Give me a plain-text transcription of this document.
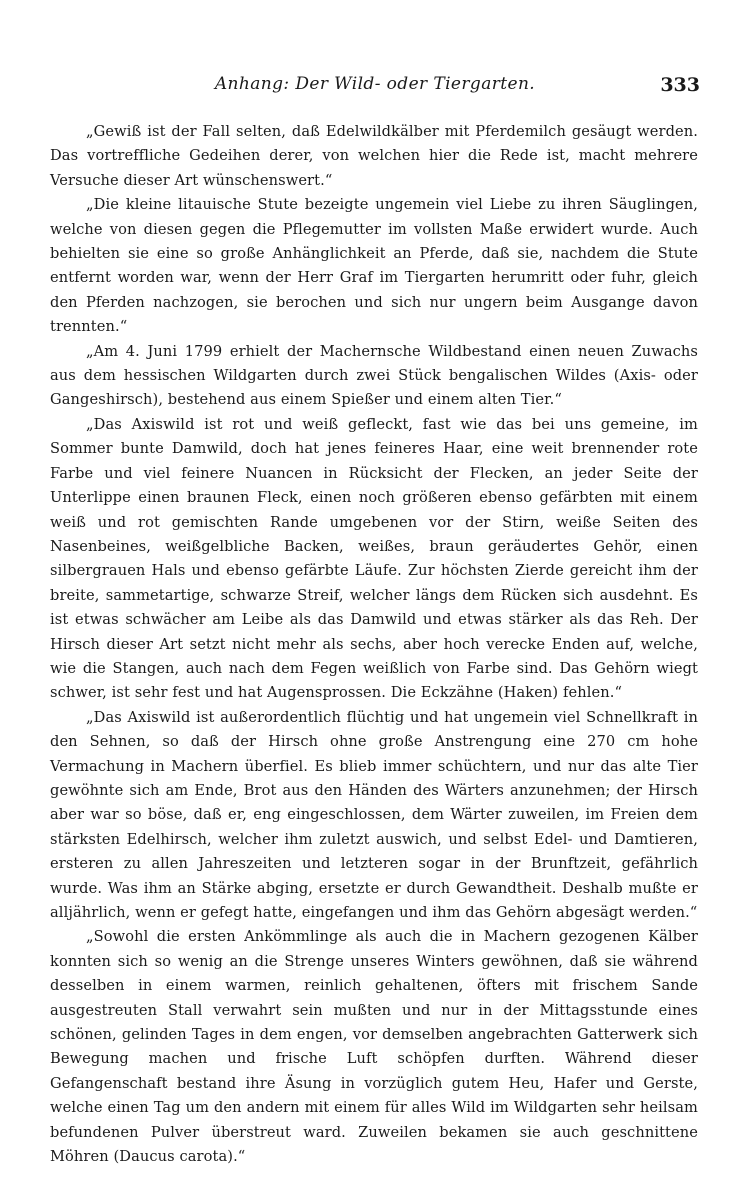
Anhang: Der Wild- oder Tiergarten.	333

„Gewiß ist der Fall selten, daß Edelwildkälber mit Pferdemilch gesäugt werden. Das vortreffliche Gedeihen derer, von welchen hier die Rede ist, macht mehrere Versuche dieser Art wünschenswert.“

„Die kleine litauische Stute bezeigte ungemein viel Liebe zu ihren Säuglingen, welche von diesen gegen die Pflegemutter im vollsten Maße erwidert wurde. Auch behielten sie eine so große Anhänglichkeit an Pferde, daß sie, nachdem die Stute entfernt worden war, wenn der Herr Graf im Tiergarten herumritt oder fuhr, gleich den Pferden nachzogen, sie berochen und sich nur ungern beim Ausgange davon trennten.“

„Am 4. Juni 1799 erhielt der Machernsche Wildbestand einen neuen Zuwachs aus dem hessischen Wildgarten durch zwei Stück bengalischen Wildes (Axis- oder Gangeshirsch), bestehend aus einem Spießer und einem alten Tier.“

„Das Axiswild ist rot und weiß gefleckt, fast wie das bei uns gemeine, im Sommer bunte Damwild, doch hat jenes feineres Haar, eine weit brennender rote Farbe und viel feinere Nuancen in Rücksicht der Flecken, an jeder Seite der Unterlippe einen braunen Fleck, einen noch größeren ebenso gefärbten mit einem weiß und rot gemischten Rande umgebenen vor der Stirn, weiße Seiten des Nasenbeines, weißgelbliche Backen, weißes, braun geräudertes Gehör, einen silbergrauen Hals und ebenso gefärbte Läufe. Zur höchsten Zierde gereicht ihm der breite, sammetartige, schwarze Streif, welcher längs dem Rücken sich ausdehnt. Es ist etwas schwächer am Leibe als das Damwild und etwas stärker als das Reh. Der Hirsch dieser Art setzt nicht mehr als sechs, aber hoch verecke Enden auf, welche, wie die Stangen, auch nach dem Fegen weißlich von Farbe sind. Das Gehörn wiegt schwer, ist sehr fest und hat Augensprossen. Die Eckzähne (Haken) fehlen.“

„Das Axiswild ist außerordentlich flüchtig und hat ungemein viel Schnellkraft in den Sehnen, so daß der Hirsch ohne große Anstrengung eine 270 cm hohe Vermachung in Machern überfiel. Es blieb immer schüchtern, und nur das alte Tier gewöhnte sich am Ende, Brot aus den Händen des Wärters anzunehmen; der Hirsch aber war so böse, daß er, eng eingeschlossen, dem Wärter zuweilen, im Freien dem stärksten Edelhirsch, welcher ihm zuletzt auswich, und selbst Edel- und Damtieren, ersteren zu allen Jahreszeiten und letzteren sogar in der Brunftzeit, gefährlich wurde. Was ihm an Stärke abging, ersetzte er durch Gewandtheit. Deshalb mußte er alljährlich, wenn er gefegt hatte, eingefangen und ihm das Gehörn abgesägt werden.“

„Sowohl die ersten Ankömmlinge als auch die in Machern gezogenen Kälber konnten sich so wenig an die Strenge unseres Winters gewöhnen, daß sie während desselben in einem warmen, reinlich gehaltenen, öfters mit frischem Sande ausgestreuten Stall verwahrt sein mußten und nur in der Mittagsstunde eines schönen, gelinden Tages in dem engen, vor demselben angebrachten Gatterwerk sich Bewegung machen und frische Luft schöpfen durften. Während dieser Gefangenschaft bestand ihre Äsung in vorzüglich gutem Heu, Hafer und Gerste, welche einen Tag um den andern mit einem für alles Wild im Wildgarten sehr heilsam befundenen Pulver überstreut ward. Zuweilen bekamen sie auch geschnittene Möhren (Daucus carota).“
